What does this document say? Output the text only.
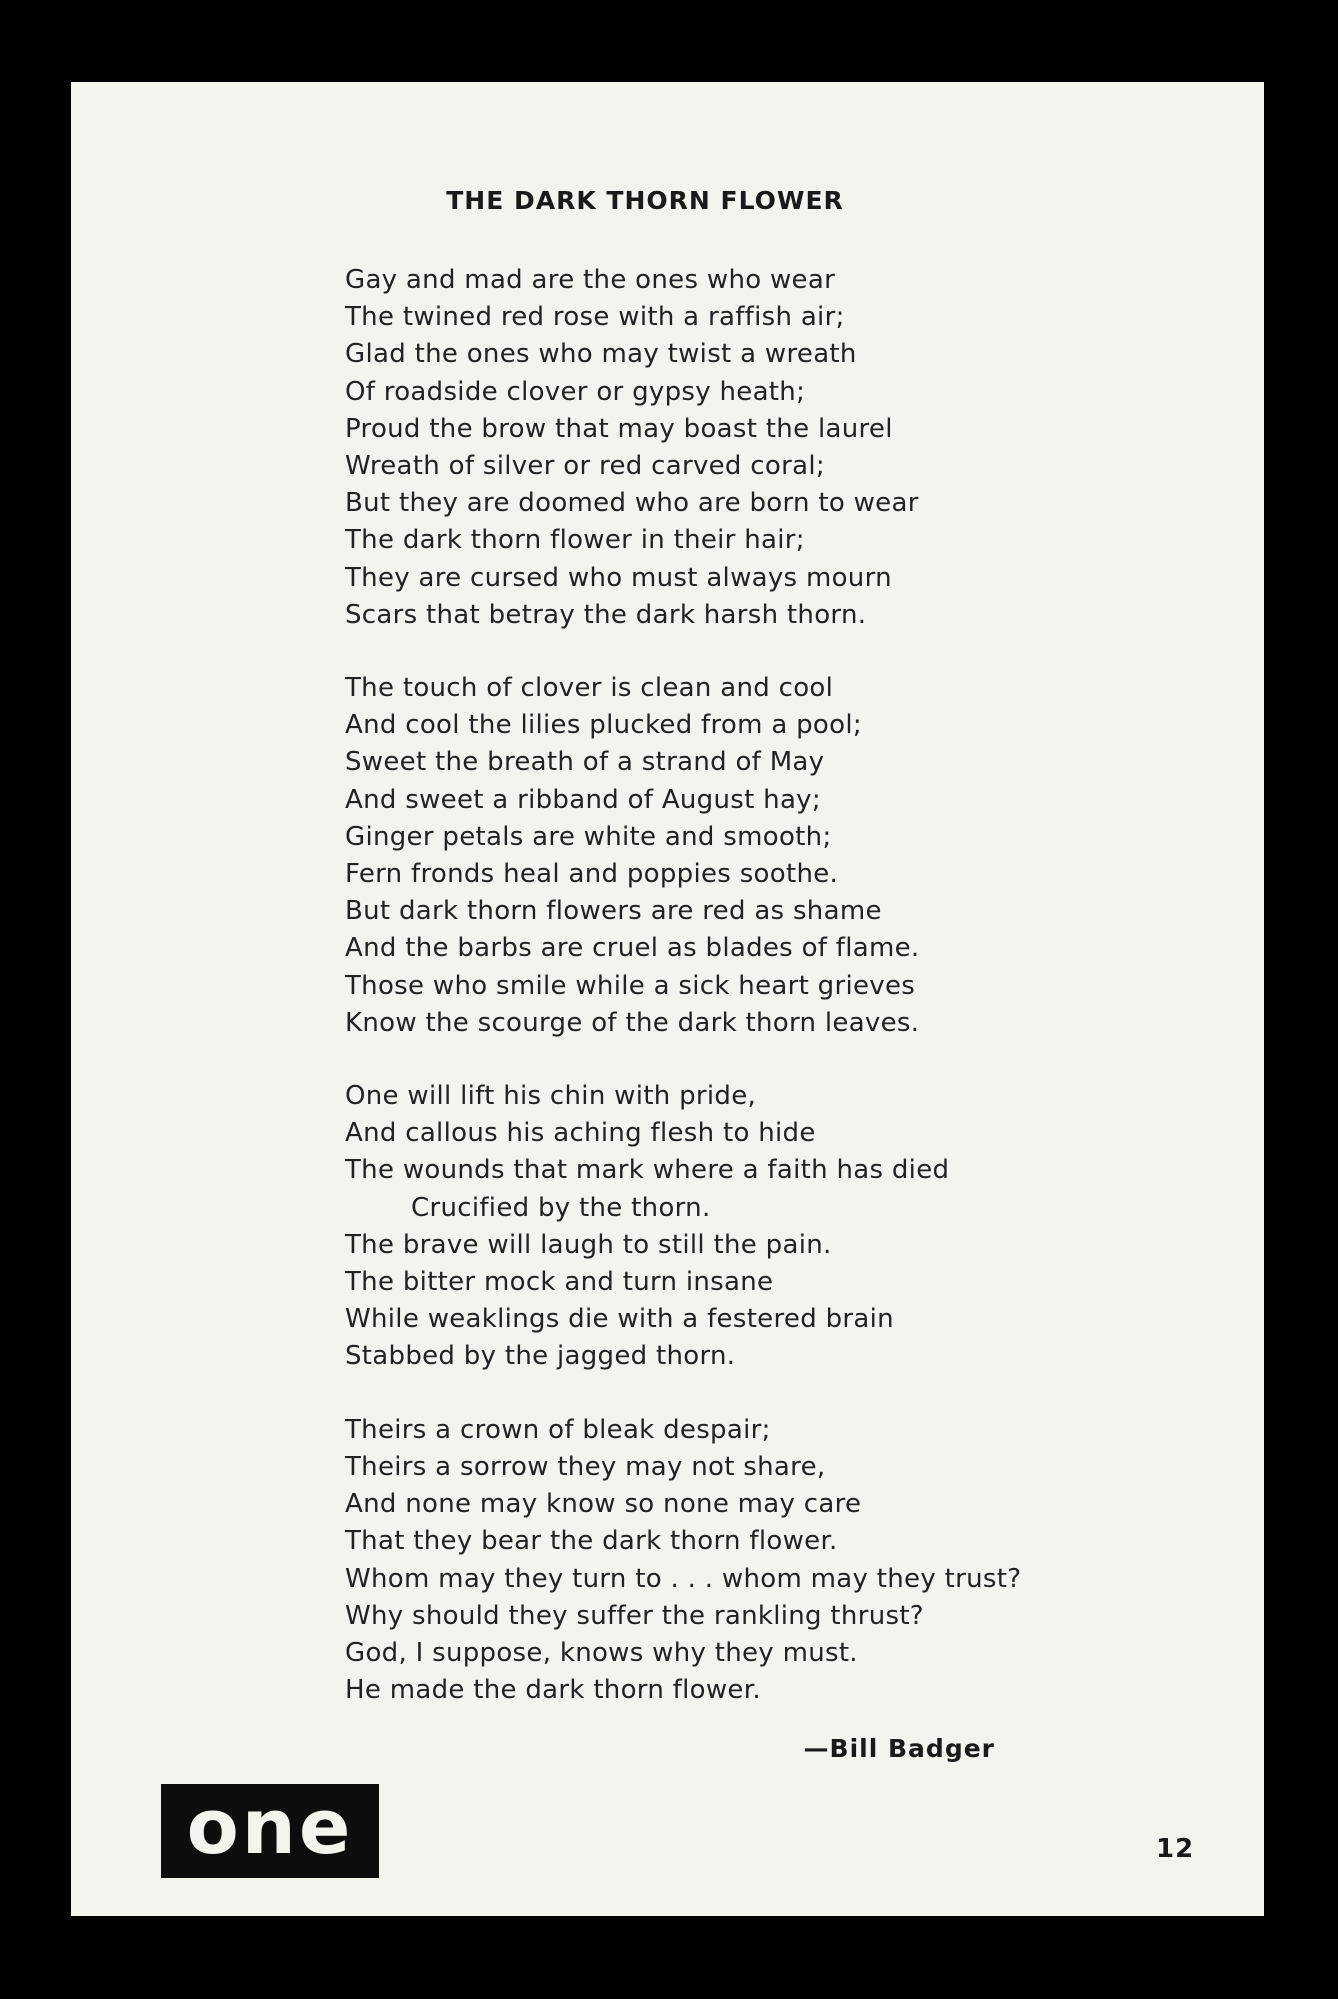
THE DARK THORN FLOWER
Gay and mad are the ones who wear
The twined red rose with a raffish air;
Glad the ones who may twist a wreath
Of roadside clover or gypsy heath;
Proud the brow that may boast the laurel
Wreath of silver or red carved coral;
But they are doomed who are born to wear
The dark thorn flower in their hair;
They are cursed who must always mourn
Scars that betray the dark harsh thorn.
The touch of clover is clean and cool
And cool the lilies plucked from a pool;
Sweet the breath of a strand of May
And sweet a ribband of August hay;
Ginger petals are white and smooth;
Fern fronds heal and poppies soothe.
But dark thorn flowers are red as shame
And the barbs are cruel as blades of flame.
Those who smile while a sick heart grieves
Know the scourge of the dark thorn leaves.
One will lift his chin with pride,
And callous his aching flesh to hide
The wounds that mark where a faith has died
Crucified by the thorn.
The brave will laugh to still the pain.
The bitter mock and turn insane
While weaklings die with a festered brain
Stabbed by the jagged thorn.
Theirs a crown of bleak despair;
Theirs a sorrow they may not share,
And none may know so none may care
That they bear the dark thorn flower.
Whom may they turn to . . . whom may they trust?
Why should they suffer the rankling thrust?
God, I suppose, knows why they must.
He made the dark thorn flower.
—Bill Badger
one	12
